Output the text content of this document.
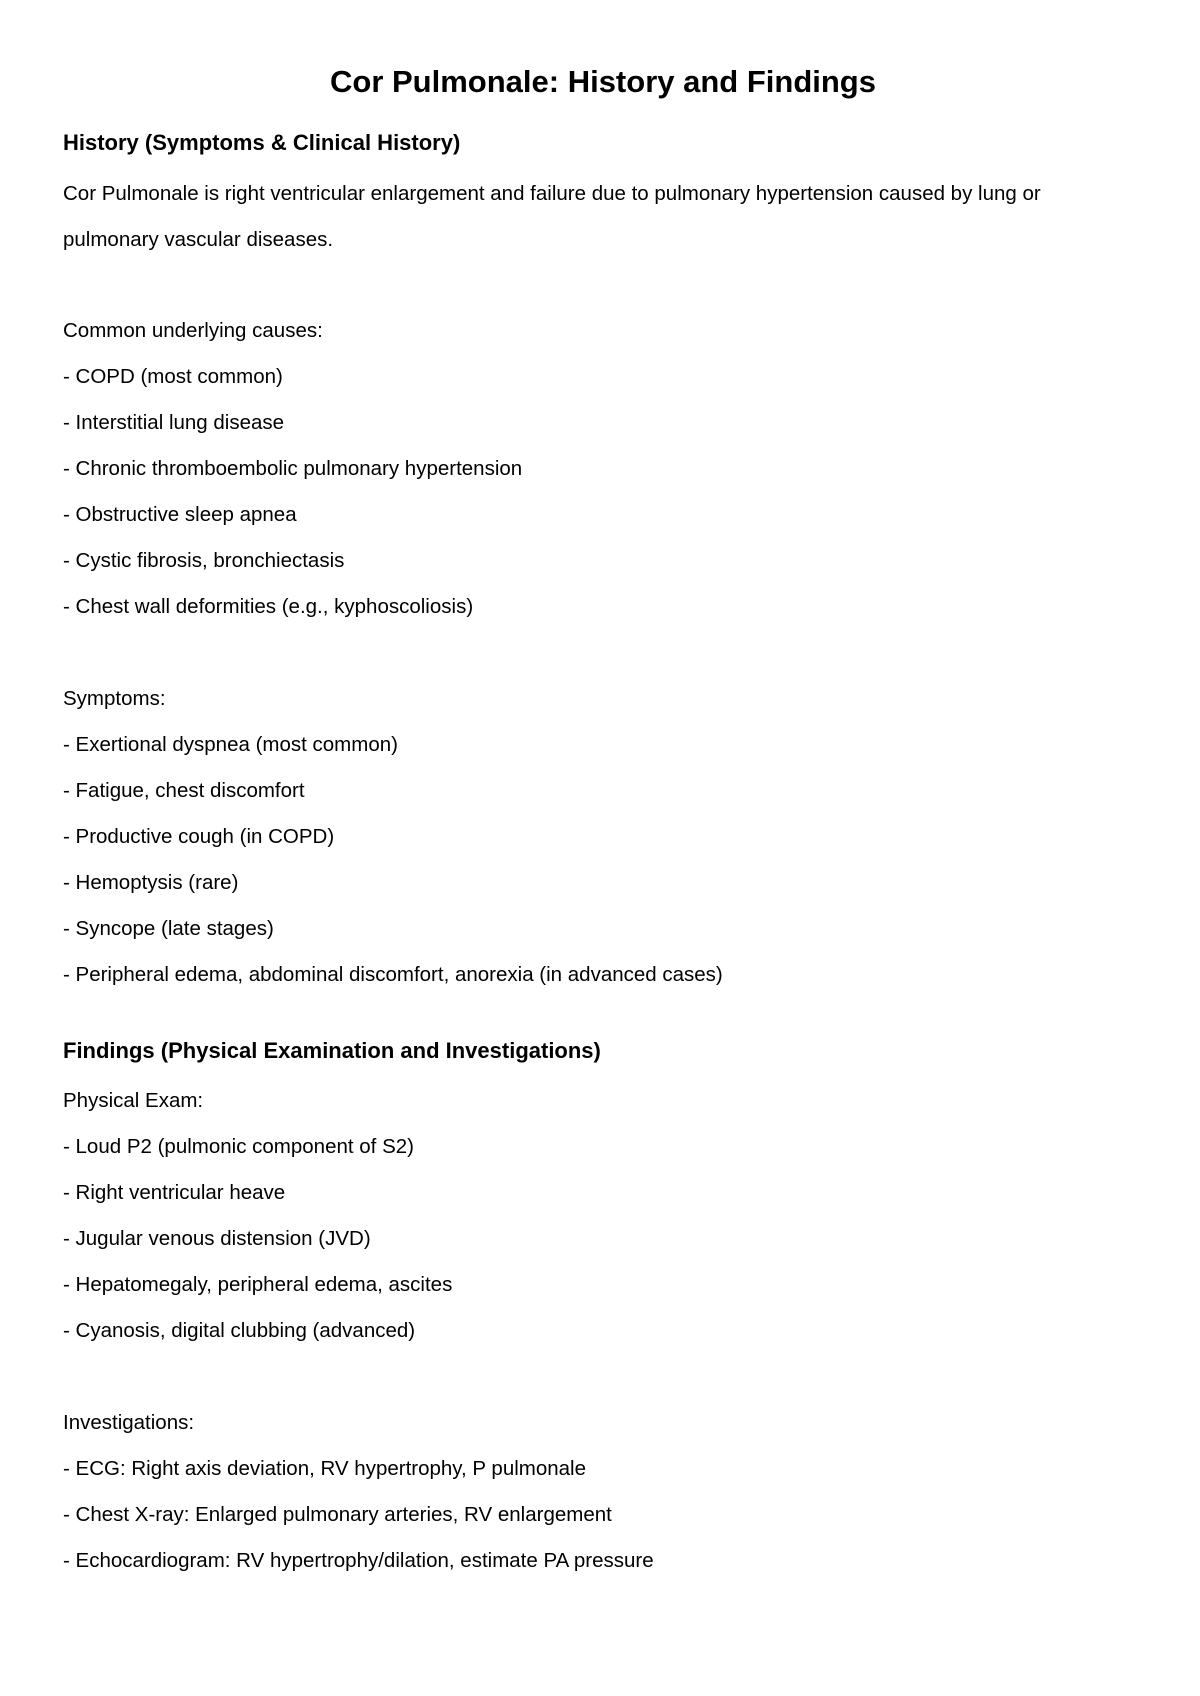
Cor Pulmonale: History and Findings
History (Symptoms & Clinical History)

Cor Pulmonale is right ventricular enlargement and failure due to pulmonary hypertension caused by lung or

pulmonary vascular diseases.

Common underlying causes:

- COPD (most common)

- Interstitial lung disease

- Chronic thromboembolic pulmonary hypertension

- Obstructive sleep apnea

- Cystic fibrosis, bronchiectasis

- Chest wall deformities (e.g., kyphoscoliosis)

Symptoms:

- Exertional dyspnea (most common)

- Fatigue, chest discomfort

- Productive cough (in COPD)

- Hemoptysis (rare)

- Syncope (late stages)

- Peripheral edema, abdominal discomfort, anorexia (in advanced cases)

Findings (Physical Examination and Investigations)

Physical Exam:

- Loud P2 (pulmonic component of S2)

- Right ventricular heave

- Jugular venous distension (JVD)

- Hepatomegaly, peripheral edema, ascites

- Cyanosis, digital clubbing (advanced)

Investigations:

- ECG: Right axis deviation, RV hypertrophy, P pulmonale

- Chest X-ray: Enlarged pulmonary arteries, RV enlargement

- Echocardiogram: RV hypertrophy/dilation, estimate PA pressure
